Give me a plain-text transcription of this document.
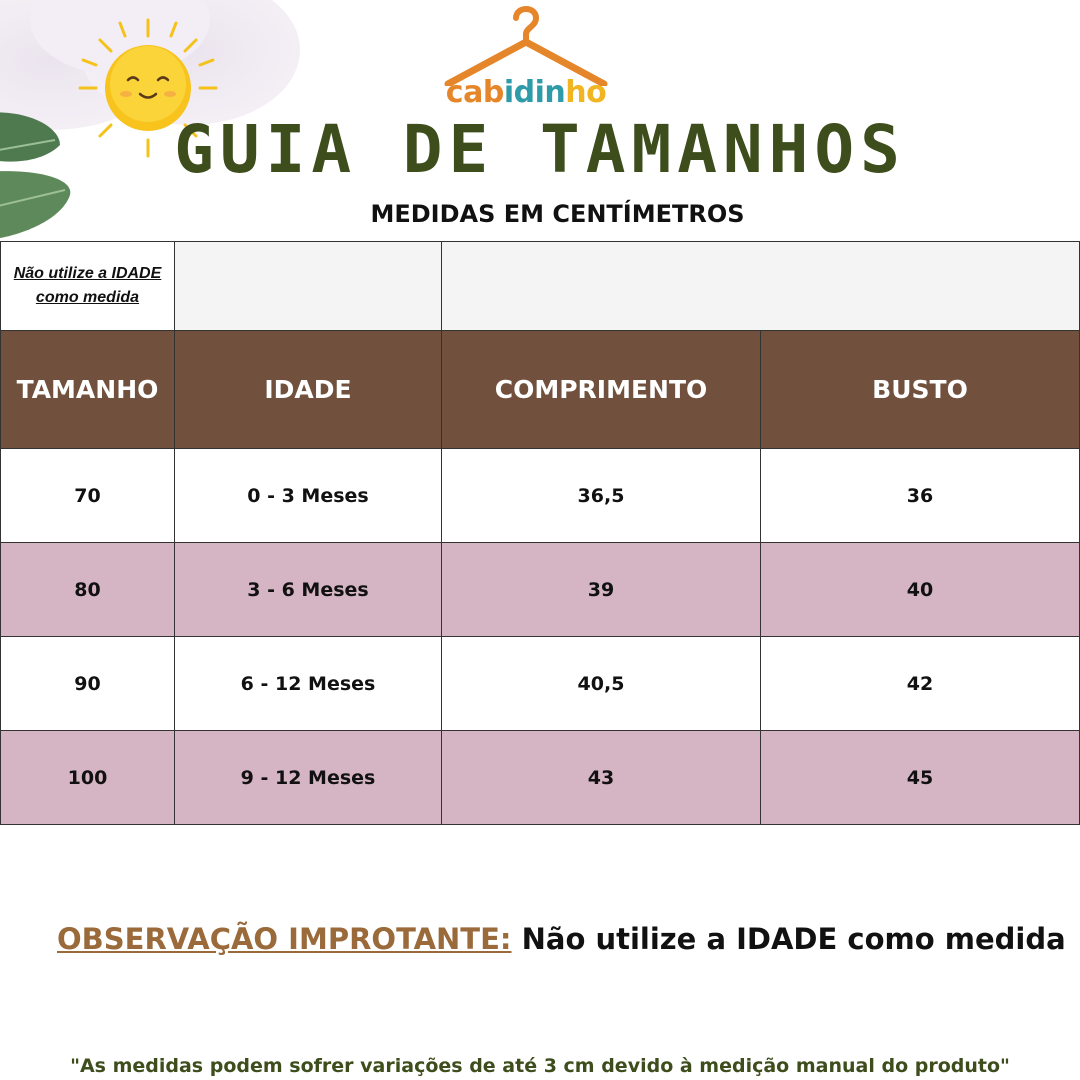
cabidinho
GUIA DE TAMANHOS
MEDIDAS EM CENTÍMETROS
Não utilize a IDADE como medida
TAMANHO	IDADE	COMPRIMENTO	BUSTO
70	0 - 3 Meses	36,5	36
80	3 - 6 Meses	39	40
90	6 - 12 Meses	40,5	42
100	9 - 12 Meses	43	45
OBSERVAÇÃO IMPROTANTE: Não utilize a IDADE como medida
"As medidas podem sofrer variações de até 3 cm devido à medição manual do produto"
